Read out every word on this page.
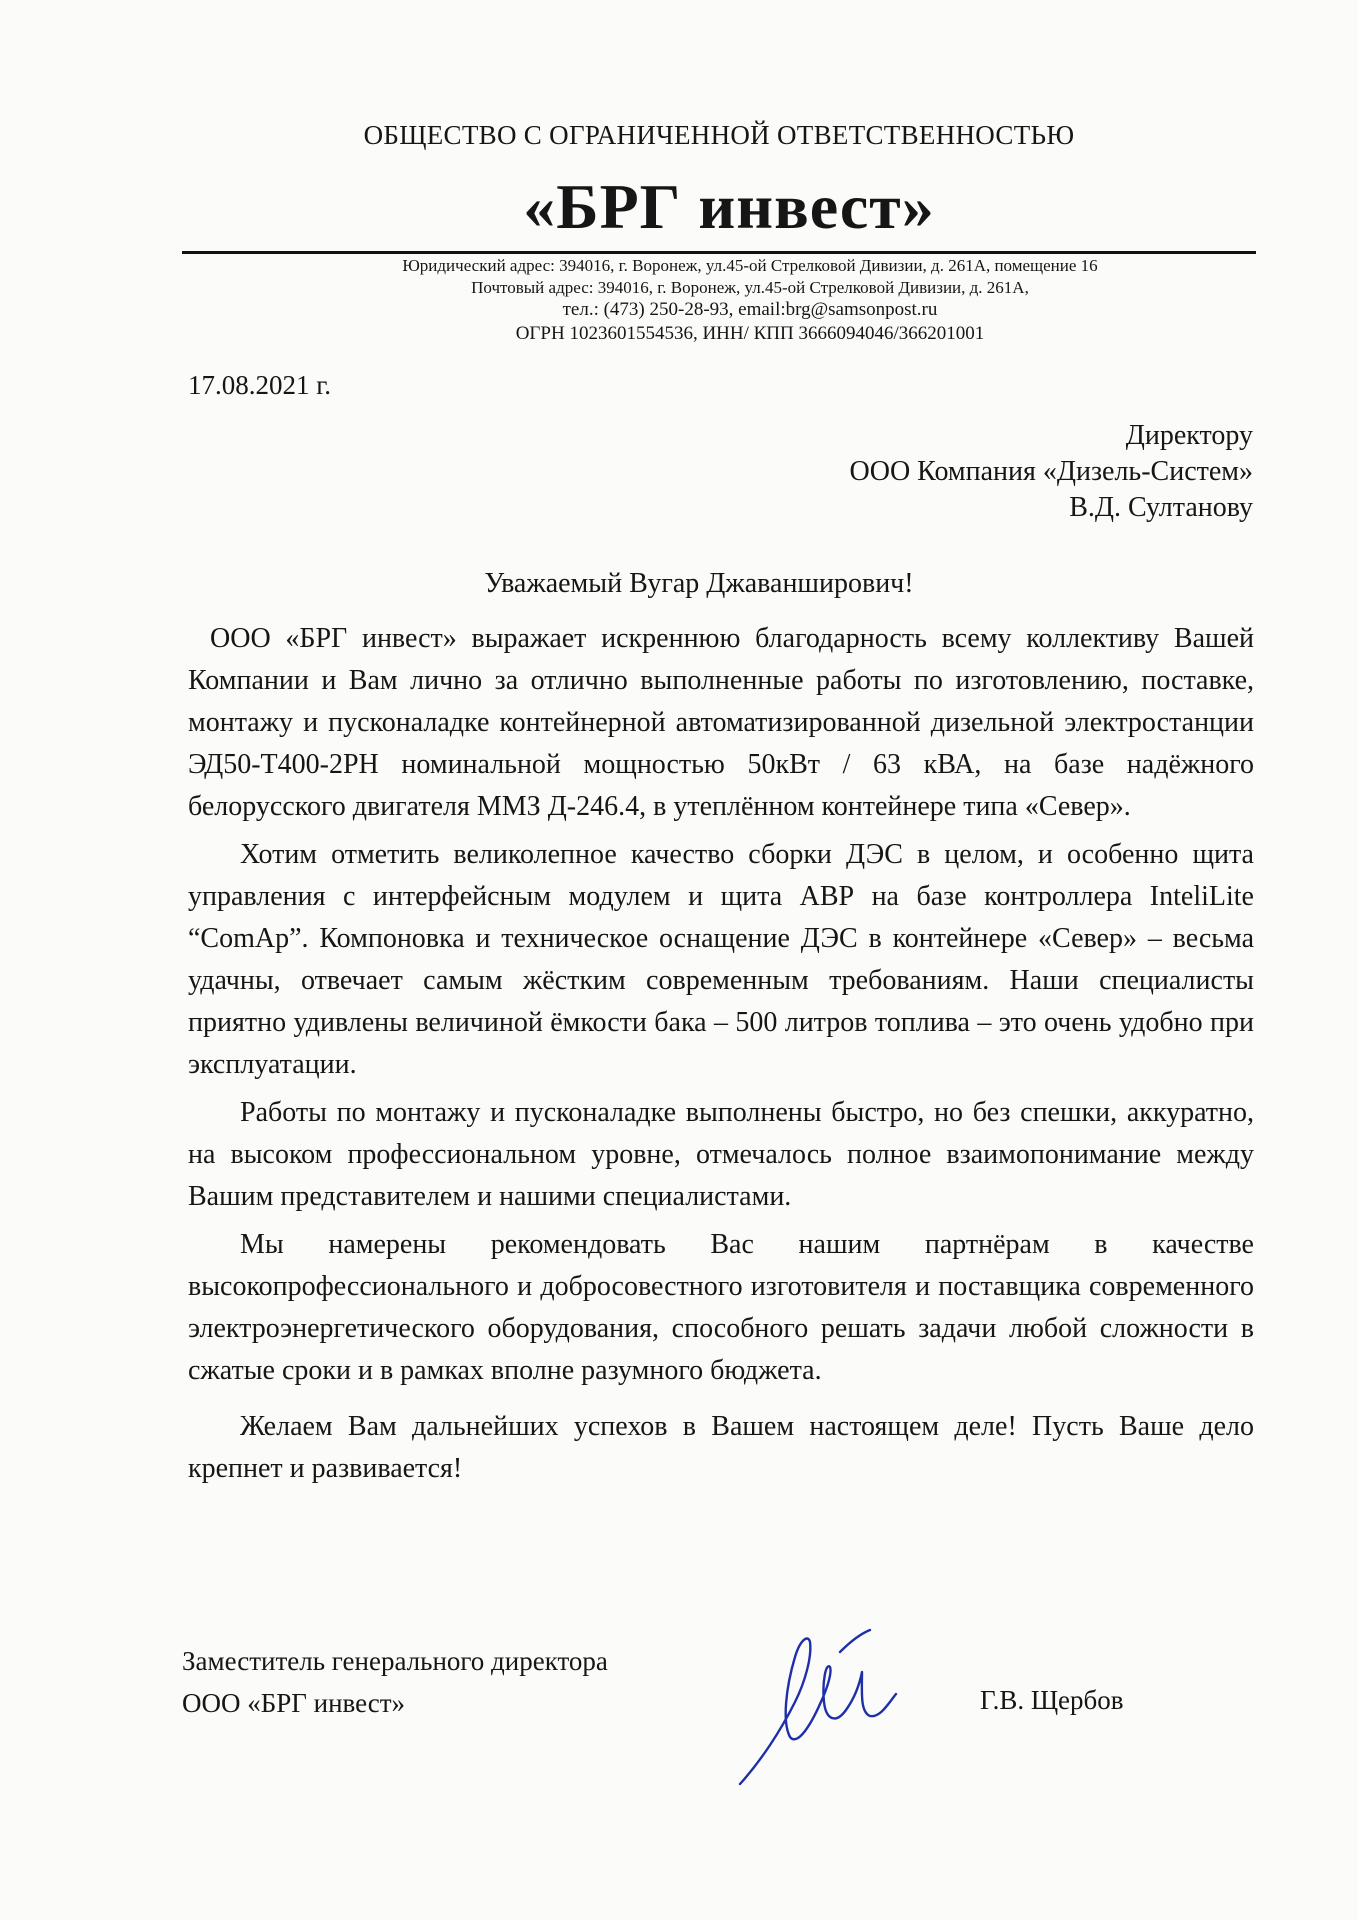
ОБЩЕСТВО С ОГРАНИЧЕННОЙ ОТВЕТСТВЕННОСТЬЮ
«БРГ инвест»
Юридический адрес: 394016, г. Воронеж, ул.45-ой Стрелковой Дивизии, д. 261А, помещение 16
Почтовый адрес: 394016, г. Воронеж, ул.45-ой Стрелковой Дивизии, д. 261А,
тел.: (473) 250-28-93, email:brg@samsonpost.ru
ОГРН 1023601554536, ИНН/ КПП 3666094046/366201001
17.08.2021 г.
Директору
ООО Компания «Дизель-Систем»
В.Д. Султанову
Уважаемый Вугар Джаванширович!

ООО «БРГ инвест» выражает искреннюю благодарность всему коллективу Вашей Компании и Вам лично за отлично выполненные работы по изготовлению, поставке, монтажу и пусконаладке контейнерной автоматизированной дизельной электростанции ЭД50-Т400-2РН номинальной мощностью 50кВт / 63 кВА, на базе надёжного белорусского двигателя ММЗ Д-246.4, в утеплённом контейнере типа «Север».

Хотим отметить великолепное качество сборки ДЭС в целом, и особенно щита управления с интерфейсным модулем и щита АВР на базе контроллера InteliLite “ComAp”. Компоновка и техническое оснащение ДЭС в контейнере «Север» – весьма удачны, отвечает самым жёстким современным требованиям. Наши специалисты приятно удивлены величиной ёмкости бака – 500 литров топлива – это очень удобно при эксплуатации.

Работы по монтажу и пусконаладке выполнены быстро, но без спешки, аккуратно, на высоком профессиональном уровне, отмечалось полное взаимопонимание между Вашим представителем и нашими специалистами.

Мы намерены рекомендовать Вас нашим партнёрам в качестве высокопрофессионального и добросовестного изготовителя и поставщика современного электроэнергетического оборудования, способного решать задачи любой сложности в сжатые сроки и в рамках вполне разумного бюджета.

Желаем Вам дальнейших успехов в Вашем настоящем деле! Пусть Ваше дело крепнет и развивается!

Заместитель генерального директора
ООО «БРГ инвест»	Г.В. Щербов
